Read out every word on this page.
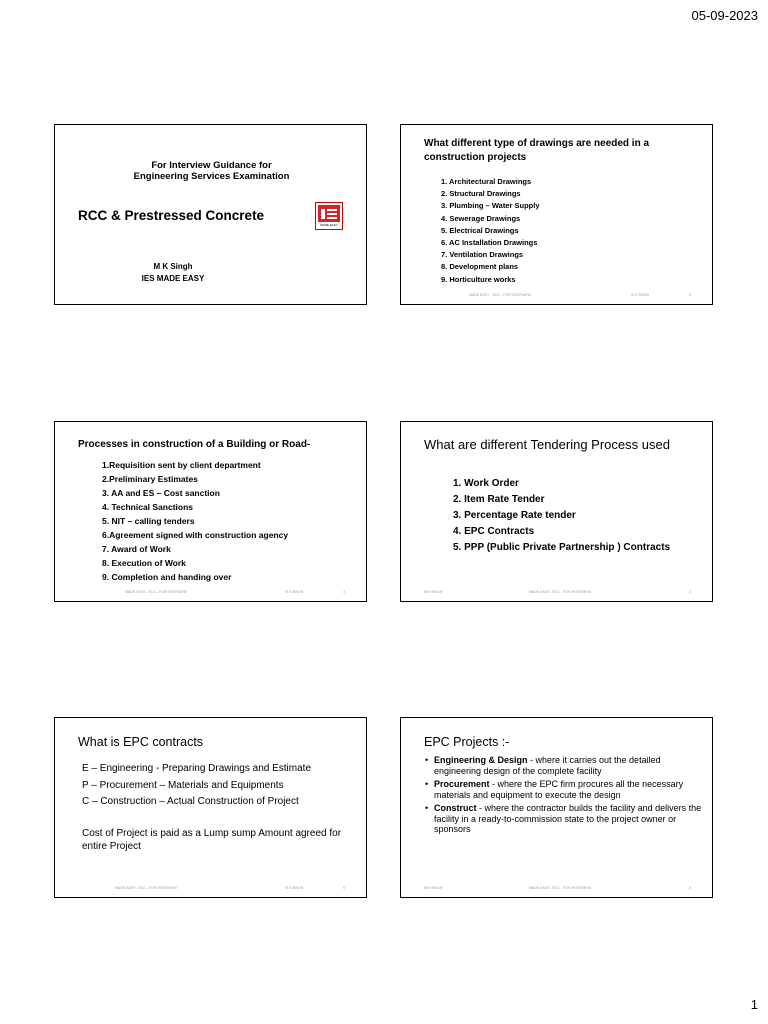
05-09-2023
For Interview Guidance for
Engineering Services Examination
RCC & Prestressed Concrete
MADE EASY
M K Singh
IES MADE EASY
What different type of drawings are needed in a construction projects
1. Architectural Drawings
2. Structural Drawings
3. Plumbing – Water Supply
4. Sewerage Drawings
5. Electrical Drawings
6. AC Installation Drawings
7. Ventilation Drawings
8. Development plans
9. Horticulture works
MADE EASY - RCC - FOR INTERVIEW	M K SINGH	2
Processes in construction of a Building or Road-
1.Requisition sent by client department
2.Preliminary Estimates
3. AA and ES – Cost sanction
4. Technical Sanctions
5. NIT – calling tenders
6.Agreement signed with construction agency
7. Award of Work
8. Execution of Work
9. Completion and handing over
MADE EASY - RCC - FOR INTERVIEW	M K SINGH	3
What are different Tendering Process used
1. Work Order
2. Item Rate Tender
3. Percentage Rate tender
4. EPC Contracts
5. PPP (Public Private Partnership ) Contracts
M K SINGH	MADE EASY - RCC - FOR INTERVIEW	4
What is EPC contracts
E – Engineering - Preparing Drawings and Estimate
P – Procurement – Materials and Equipments
C – Construction – Actual Construction of Project
Cost of Project is paid as a Lump sump Amount agreed for entire Project
MADE EASY - RCC - FOR INTERVIEW	M K SINGH	5
EPC Projects :-
• Engineering & Design - where it carries out the detailed engineering design of the complete facility
• Procurement - where the EPC firm procures all the necessary materials and equipment to execute the design
• Construct - where the contractor builds the facility and delivers the facility in a ready-to-commission state to the project owner or sponsors
M K SINGH	MADE EASY - RCC - FOR INTERVIEW	6
1
